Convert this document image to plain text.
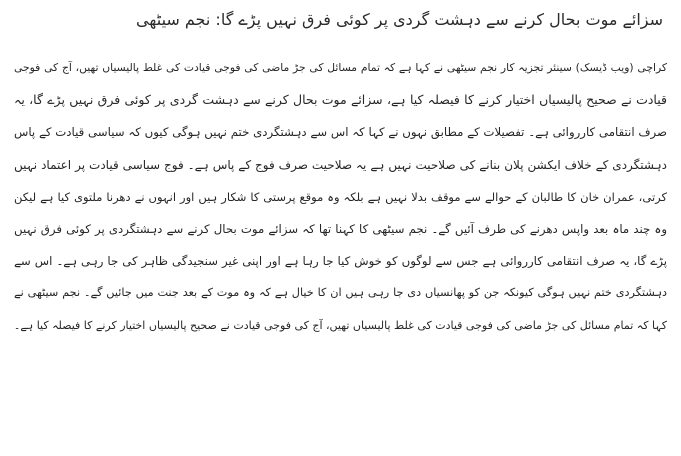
سزائے موت بحال کرنے سے دہشت گردی پر کوئی فرق نہیں پڑے گا: نجم سیٹھی
کراچی (ویب ڈیسک) سینئر تجزیہ کار نجم سیٹھی نے کہا ہے کہ تمام مسائل کی جڑ ماضی کی فوجی قیادت کی غلط پالیسیاں تھیں، آج کی فوجی
قیادت نے صحیح پالیسیاں اختیار کرنے کا فیصلہ کیا ہے، سزائے موت بحال کرنے سے دہشت گردی پر کوئی فرق نہیں پڑے گا، یہ
صرف انتقامی کارروائی ہے۔ تفصیلات کے مطابق نہوں نے کہا کہ اس سے دہشتگردی ختم نہیں ہوگی کیوں کہ سیاسی قیادت کے پاس
دہشتگردی کے خلاف ایکشن پلان بنانے کی صلاحیت نہیں ہے یہ صلاحیت صرف فوج کے پاس ہے۔ فوج سیاسی قیادت پر اعتماد نہیں
کرتی، عمران خان کا طالبان کے حوالے سے موقف بدلا نہیں ہے بلکہ وہ موقع پرستی کا شکار ہیں اور انہوں نے دھرنا ملتوی کیا ہے لیکن
وہ چند ماہ بعد واپس دھرنے کی طرف آئیں گے۔ نجم سیٹھی کا کہنا تھا کہ سزائے موت بحال کرنے سے دہشتگردی پر کوئی فرق نہیں
پڑے گا، یہ صرف انتقامی کارروائی ہے جس سے لوگوں کو خوش کیا جا رہا ہے اور اپنی غیر سنجیدگی ظاہر کی جا رہی ہے۔ اس سے
دہشتگردی ختم نہیں ہوگی کیونکہ جن کو پھانسیاں دی جا رہی ہیں ان کا خیال ہے کہ وہ موت کے بعد جنت میں جائیں گے۔ نجم سیٹھی نے
کہا کہ تمام مسائل کی جڑ ماضی کی فوجی قیادت کی غلط پالیسیاں تھیں، آج کی فوجی قیادت نے صحیح پالیسیاں اختیار کرنے کا فیصلہ کیا ہے۔
